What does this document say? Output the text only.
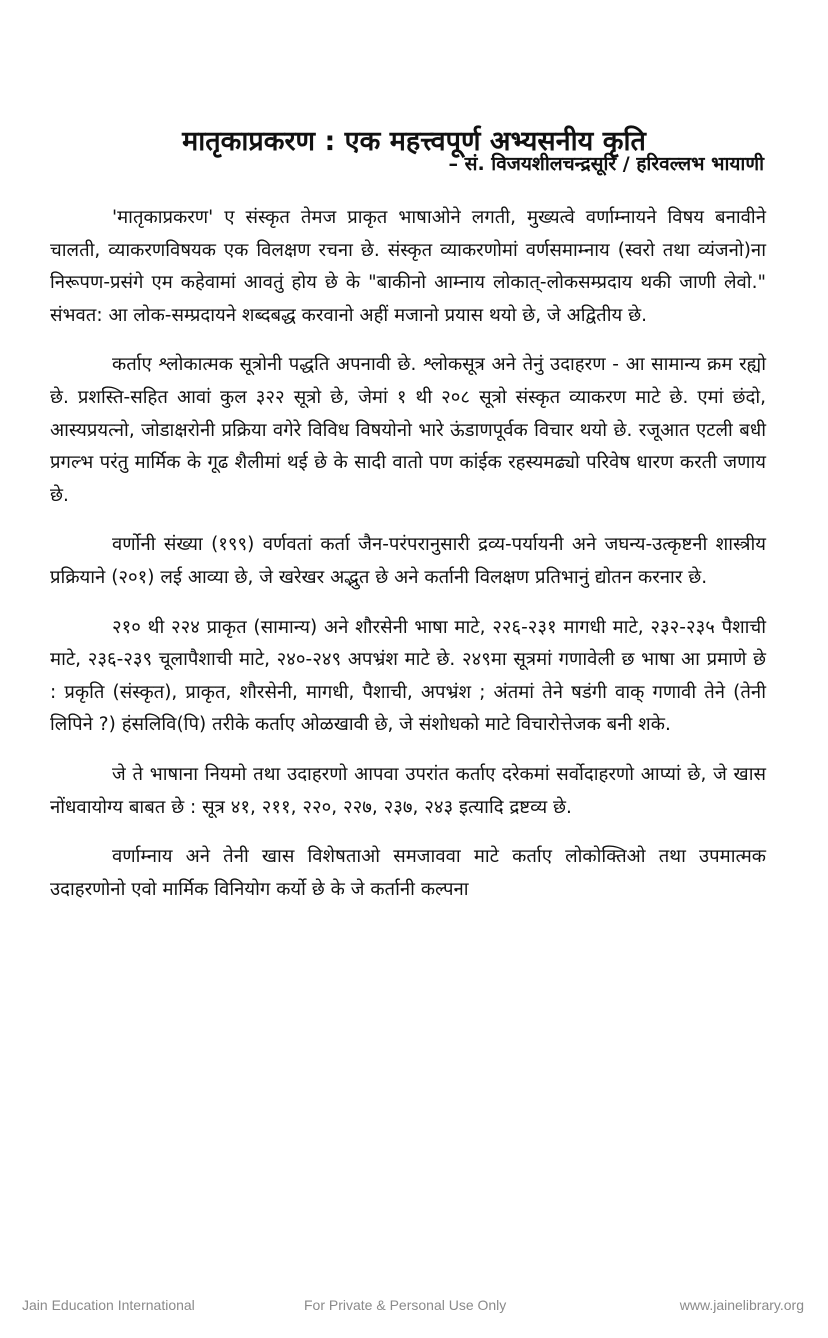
मातृकाप्रकरण : एक महत्त्वपूर्ण अभ्यसनीय कृति
– सं. विजयशीलचन्द्रसूरि / हरिवल्लभ भायाणी

'मातृकाप्रकरण' ए संस्कृत तेमज प्राकृत भाषाओने लगती, मुख्यत्वे वर्णाम्नायने विषय बनावीने चालती, व्याकरणविषयक एक विलक्षण रचना छे. संस्कृत व्याकरणोमां वर्णसमाम्नाय (स्वरो तथा व्यंजनो)ना निरूपण-प्रसंगे एम कहेवामां आवतुं होय छे के "बाकीनो आम्नाय लोकात्-लोकसम्प्रदाय थकी जाणी लेवो." संभवत: आ लोक-सम्प्रदायने शब्दबद्ध करवानो अहीं मजानो प्रयास थयो छे, जे अद्वितीय छे.

कर्ताए श्लोकात्मक सूत्रोनी पद्धति अपनावी छे. श्लोकसूत्र अने तेनुं उदाहरण - आ सामान्य क्रम रह्यो छे. प्रशस्ति-सहित आवां कुल ३२२ सूत्रो छे, जेमां १ थी २०८ सूत्रो संस्कृत व्याकरण माटे छे. एमां छंदो, आस्यप्रयत्नो, जोडाक्षरोनी प्रक्रिया वगेरे विविध विषयोनो भारे ऊंडाणपूर्वक विचार थयो छे. रजूआत एटली बधी प्रगल्भ परंतु मार्मिक के गूढ शैलीमां थई छे के सादी वातो पण कांईक रहस्यमढ्यो परिवेष धारण करती जणाय छे.

वर्णोनी संख्या (१९९) वर्णवतां कर्ता जैन-परंपरानुसारी द्रव्य-पर्यायनी अने जघन्य-उत्कृष्टनी शास्त्रीय प्रक्रियाने (२०१) लई आव्या छे, जे खरेखर अद्भुत छे अने कर्तानी विलक्षण प्रतिभानुं द्योतन करनार छे.

२१० थी २२४ प्राकृत (सामान्य) अने शौरसेनी भाषा माटे, २२६-२३१ मागधी माटे, २३२-२३५ पैशाची माटे, २३६-२३९ चूलापैशाची माटे, २४०-२४९ अपभ्रंश माटे छे. २४९मा सूत्रमां गणावेली छ भाषा आ प्रमाणे छे : प्रकृति (संस्कृत), प्राकृत, शौरसेनी, मागधी, पैशाची, अपभ्रंश ; अंतमां तेने षडंगी वाक् गणावी तेने (तेनी लिपिने ?) हंसलिवि(पि) तरीके कर्ताए ओळखावी छे, जे संशोधको माटे विचारोत्तेजक बनी शके.

जे ते भाषाना नियमो तथा उदाहरणो आपवा उपरांत कर्ताए दरेकमां सर्वोदाहरणो आप्यां छे, जे खास नोंधवायोग्य बाबत छे : सूत्र ४१, २११, २२०, २२७, २३७, २४३ इत्यादि द्रष्टव्य छे.

वर्णाम्नाय अने तेनी खास विशेषताओ समजाववा माटे कर्ताए लोकोक्तिओ तथा उपमात्मक उदाहरणोनो एवो मार्मिक विनियोग कर्यो छे के जे कर्तानी कल्पना

Jain Education International	For Private & Personal Use Only	www.jainelibrary.org
